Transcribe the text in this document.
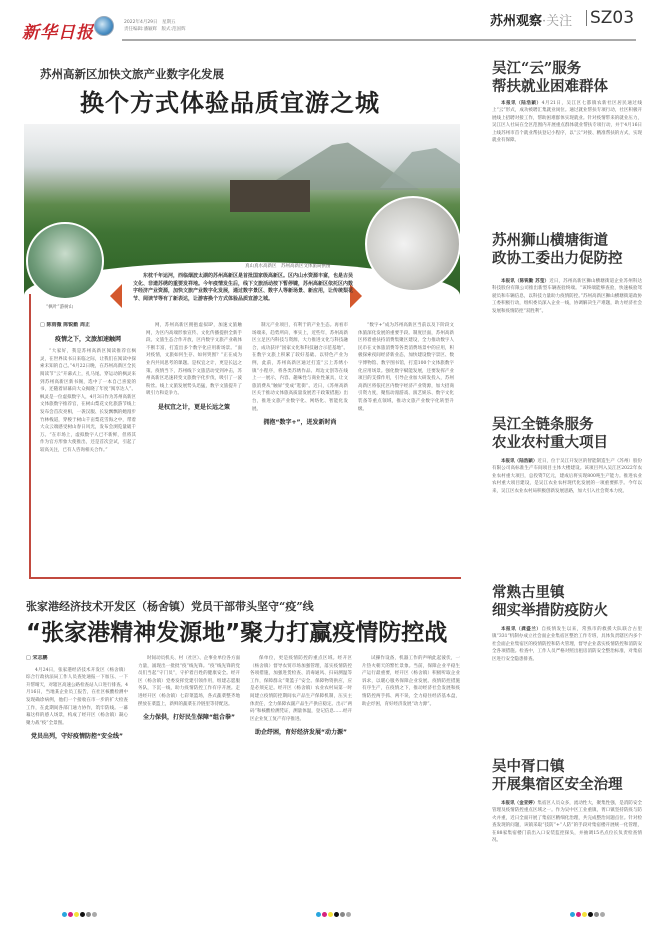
新华日报
2022年4月29日　星期五
责任编辑:潘颖辉　版式:范国辉
苏州观察·关注 SZ03
苏州高新区加快文旅产业数字化发展
换个方式体验品质宜游之城
“枫叶”游树山
真山真水高新区　苏州高新区文体旅局供图
东枕千年运河，西临烟波太湖的苏州高新区是首批国家级高新区。区内山水资源丰富，也是古吴文化、非遗苏绣的重要发祥地。今年疫情发生后，线下文旅活动按下暂停键，苏州高新区依托区内数字经济产业资源，加快文旅产业数字化发展，通过数字景区、数字人等新场景、新应用，让传统梨花节、阅读节等有了新表达，让游客换个方式体验品质宜游之城。
□ 陈雨薇 陈锐勤 周正
疫情之下，文旅加速触网

“大家好，我是苏州高新区阅读推荐官枫灵，在世界读书日来临之际，让我们在阅读中探索未知的自己。”4月22日晚，在苏州高新区全民阅读节“云”开幕式上，扎马尾、穿运动的枫灵来到苏州高新区新书阁，选中了一本自己喜爱的书，还随着屏幕向大众揭晓了年度“阅享达人”。枫灵是一位虚拟数字人，4月3日作为苏州高新区文体旅数字推荐官，在树山梨花文化旅游节线上发布会首次亮相，一袭汉服、长发飘飘的她漫步竹林栈道，穿梭于树山千亩梨花雪海之中，带着大众云端感受树山春日风光，发布会浏览量破千万。“在市场上，虚拟数字人已不新鲜，但将其作为官方形象大使推出，还是首次尝试，引起了较高关注，已有人咨询相关合作。”

网，苏州高新区拥抱虚拟IP，加速文旅触网，为区内高端形象宣传、文化传播提供全新手段。文旅生态合作开放，区内数字文旅产业载体不断丰富，打造出多个数字化应用新场景。“面对疫情，文旅如何生存、如何突围？”正在成为业内共同思考的课题。是权宜之计，更是长远之策。疫情当下，苏州线下文旅活动受到冲击，苏州高新区迅速转变文旅数字化步伐，吸引了一波粉丝。线上文旅发展势头迅猛，数字文旅提升了吸引力和竞争力。

是权宜之计，更是长远之策

制元产业项目，有利于的产业生态。再看市场端来，趋势所向，事实上，近些年，苏州高新区立足区内科技与资源，大力推进文化与科技融合，成功获评“国家文化和科技融合示范基地”。在数字文旅上积累了较好基础。以特色产业为例，此前，苏州高新区通过打造“云上苏绣小镇”小程序，将各类苏绣作品、周边文创等在线上一一展示，内容、趣味性与商业性兼具，让文旅消费从“触屏”变成“逛街”。近日，《苏州高新区关于推动文体旅高质量发展若干政策措施》出台，推进文旅产业数字化、网络化、智能化发展。

拥抱“数字+”，迸发新时尚

“数字+”成为苏州高新区当前以及下阶段文体旅深化发展的重要手段。制度层面，苏州高新区将着重扶持消费集聚区建设，全力推动数字人民币在文体旅消费等各类消费场景中的应用，积极探索夜间经济新业态，加快建设数字景区、数字博物馆、数字图书馆，打造100个文体旅数字化应用场景。强化数字赋能发展，还要发挥产业项目的支撑作用，引导企业加大研发投入，苏州高新区将依托区内数字经济产业资源，加大招商引资力度，聚焦动漫游戏、演艺娱乐、数字文化装备等重点领域，推动文旅产业数字化转型升级。

张家港经济技术开发区（杨舍镇）党员干部带头坚守“疫”线
“张家港精神发源地”聚力打赢疫情防控战
□ 宋志鹏

4月24日，张家港经济技术开发区（杨舍镇）综合行政执法局工作人员查处通报一下加压、一下升帮晴天，对辖区高速公路检查站人口进行排查。4月16日，当地某企业员工报告，在社区核酸检测中发现确诊病例，他们一个接收在市一步的扩大检查工作，在此期间各部门通力协作，筑牢防线。一幕幕这样的感人场景，构成了经开区（杨舍镇）凝心聚力战“疫”全景图。

党员出列，守好疫情防控“安全线”

时间动员机关、村（社区）、企事业单位各方面力量，涌现出一批批“疫”线先锋。“疫”线先锋的党员们当起“守门员”，守护着百姓的健康安全。经开区（杨舍镇）党委发挥党建引领作用，组建志愿服务队，下沉一线，助力疫情防控工作有序开展。走进经开区（杨舍镇）七彩菜篮场，各式蔬菜整齐地摆放在菜篮上，新鲜的蔬菜在冷链里等待配送。

全力保供，打好民生保障“组合拳”

保单位，更是疫情防控的重点区域。经开区（杨舍镇）督导农贸市场加强管理，落实疫情防控各项措施，加强进货检查、消毒通风、扫码测温等工作，保障群众“菜篮子”安全。保障物资供应，应是必须充足。经开区（杨舍镇）农业农村局第一时间建立疫情防控期间农产品生产保障机制，压实主体责任，全力保障农副产品生产供应稳定。出示“两码”和核酸检测凭证，测量体温，登记信息……经开区企业复工复产有序推进。

助企纾困，育好经济发展“动力源”

试操作设备，机器工作的声响此起彼伏，一片热火朝天的繁忙景象。当前，保障企业平稳生产运行最重要，经开区（杨舍镇）积极听取企业诉求，以暖心服务保障企业发展。疫情防控措施有序生产，在疫情之下，推动经济社会发展和疫情防控两手抓、两不误，全力稳住经济基本盘，助企纾困，育好经济发展“动力源”。

吴江“云”服务
帮扶就业困难群体

本报讯（陆浩颖）4月21日，吴江区七都镇农新社区居民通过线上“云”形式，成功被聘汇集就业岗位。通过就业帮扶专项行动，社区积极开展线上招聘对接工作，帮助困难群体实现就业。针对疫情带来的就业压力，吴江区人社局在全区范围内开展重点群体就业帮扶专项行动，并于4月16日上线苏州市首个就业帮扶登记小程序，以“云”对接、精准帮扶的方式，实现就业有保障。

苏州狮山横塘街道
政协工委出力促防控

本报讯（陈锐勤 苏莹）近日，苏州高新区狮山横塘街道企业苏州科达科技股份有限公司推出新型车辆查验终端。“该终端能够查验，快速核验驾驶员和车辆信息，以科技力量助力疫情防控。”苏州高新区狮山横塘街道政协工委积极行动，组织委员深入企业一线，协调解决生产难题，助力经济社会发展和疫情防控“双胜利”。

吴江全链条服务
农业农村重大项目

本报讯（陆浩颖）近日，位于吴江开发区的智能制造生产（苏州）股份有限公司高标准生产车间项目主体大楼建设。该项目列入吴江区2022年农业农村重大项目，总投资7亿元，建成后将实现800吨生产能力。推进农业农村重大项目建设，是吴江农业农村现代化发展的一项重要抓手。今年以来，吴江区农业农村局积极创新发展思路，加大引入社会资本力度。

常熟古里镇
细实举措防疫防火

本报讯（龚盛兰）自疫情发生以来，常熟市的救援大队联合古里镇“331”机制办成立社会面企业集宿区整治工作专班，具体负责辖区内多个社会面企业集宿区的疫情防控和防火管理，督导企业落实疫情防控和消防安全各项措施。检查中，工作人员严格对照出租房消防安全整治标准，对集宿区进行安全隐患排查。

吴中胥口镇
开展集宿区安全治理

本报讯（金亚婷）集宿区人员众多，流动性大，聚集性强，是消防安全管理及疫情防控重点区域之一。作为吴中区工业重镇，胥口镇坚持防疫与防火并重，近日全面开展了集宿区精细化治理，共完成整治问题点位。针对检查发现的问题，该镇采取“技防”+“人防”的手段对集宿楼开展统一化管理，在88家集宿楼门前出入口安装监控探头，并抽调15名点位长负责检查情况。
